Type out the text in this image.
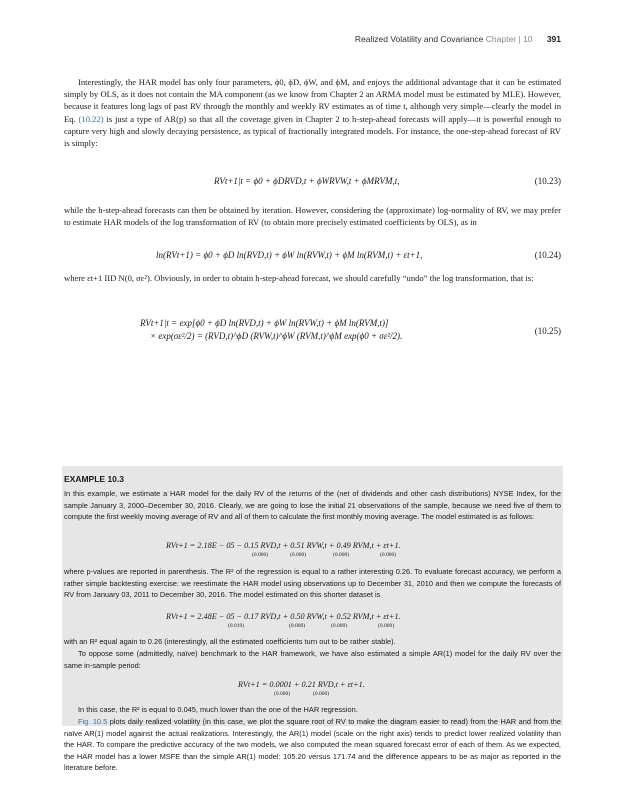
Realized Volatility and Covariance Chapter | 10 391
Interestingly, the HAR model has only four parameters, ϕ0, ϕD, ϕW, and ϕM, and enjoys the additional advantage that it can be estimated simply by OLS, as it does not contain the MA component (as we know from Chapter 2 an ARMA model must be estimated by MLE). However, because it features long lags of past RV through the monthly and weekly RV estimates as of time t, although very simple—clearly the model in Eq. (10.22) is just a type of AR(p) so that all the coverage given in Chapter 2 to h-step-ahead forecasts will apply—it is powerful enough to capture very high and slowly decaying persistence, as typical of fractionally integrated models. For instance, the one-step-ahead forecast of RV is simply:
RVt+1|t = ϕ0 + ϕDRVD,t + ϕWRVW,t + ϕMRVM,t,	(10.23)
while the h-step-ahead forecasts can then be obtained by iteration. However, considering the (approximate) log-normality of RV, we may prefer to estimate HAR models of the log transformation of RV (to obtain more precisely estimated coefficients by OLS), as in
ln(RVt+1) = ϕ0 + ϕD ln(RVD,t) + ϕW ln(RVW,t) + ϕM ln(RVM,t) + εt+1,	(10.24)
where εt+1 IID N(0, σε²). Obviously, in order to obtain h-step-ahead forecast, we should carefully “undo” the log transformation, that is:
RVt+1|t = exp[ϕ0 + ϕD ln(RVD,t) + ϕW ln(RVW,t) + ϕM ln(RVM,t)]
× exp(σε²/2) = (RVD,t)^ϕD (RVW,t)^ϕW (RVM,t)^ϕM exp(ϕ0 + σε²/2).	(10.25)
EXAMPLE 10.3
In this example, we estimate a HAR model for the daily RV of the returns of the (net of dividends and other cash distributions) NYSE Index, for the sample January 3, 2000–December 30, 2016. Clearly, we are going to lose the initial 21 observations of the sample, because we need five of them to compute the first weekly moving average of RV and all of them to calculate the first monthly moving average. The model estimated is as follows:
RVt+1 = 2.18E − 05 − 0.15 RVD,t + 0.51 RVW,t + 0.49 RVM,t + εt+1.
(0.000)	(0.000)	(0.000)	(0.000)
where p-values are reported in parenthesis. The R² of the regression is equal to a rather interesting 0.26. To evaluate forecast accuracy, we perform a rather simple backtesting exercise: we reestimate the HAR model using observations up to December 31, 2010 and then we compute the forecasts of RV from January 03, 2011 to December 30, 2016. The model estimated on this shorter dataset is
RVt+1 = 2.48E − 05 − 0.17 RVD,t + 0.50 RVW,t + 0.52 RVM,t + εt+1.
(0.019)	(0.000)	(0.000)	(0.000)
with an R² equal again to 0.26 (interestingly, all the estimated coefficients turn out to be rather stable).
To oppose some (admittedly, naïve) benchmark to the HAR framework, we have also estimated a simple AR(1) model for the daily RV over the same in-sample period:
RVt+1 = 0.0001 + 0.21 RVD,t + εt+1.
(0.000)	(0.000)
In this case, the R² is equal to 0.045, much lower than the one of the HAR regression.
Fig. 10.5 plots daily realized volatility (in this case, we plot the square root of RV to make the diagram easier to read) from the HAR and from the naïve AR(1) model against the actual realizations. Interestingly, the AR(1) model (scale on the right axis) tends to predict lower realized volatility than the HAR. To compare the predictive accuracy of the two models, we also computed the mean squared forecast error of each of them. As we expected, the HAR model has a lower MSFE than the simple AR(1) model: 105.20 versus 171.74 and the difference appears to be as major as reported in the literature before.
